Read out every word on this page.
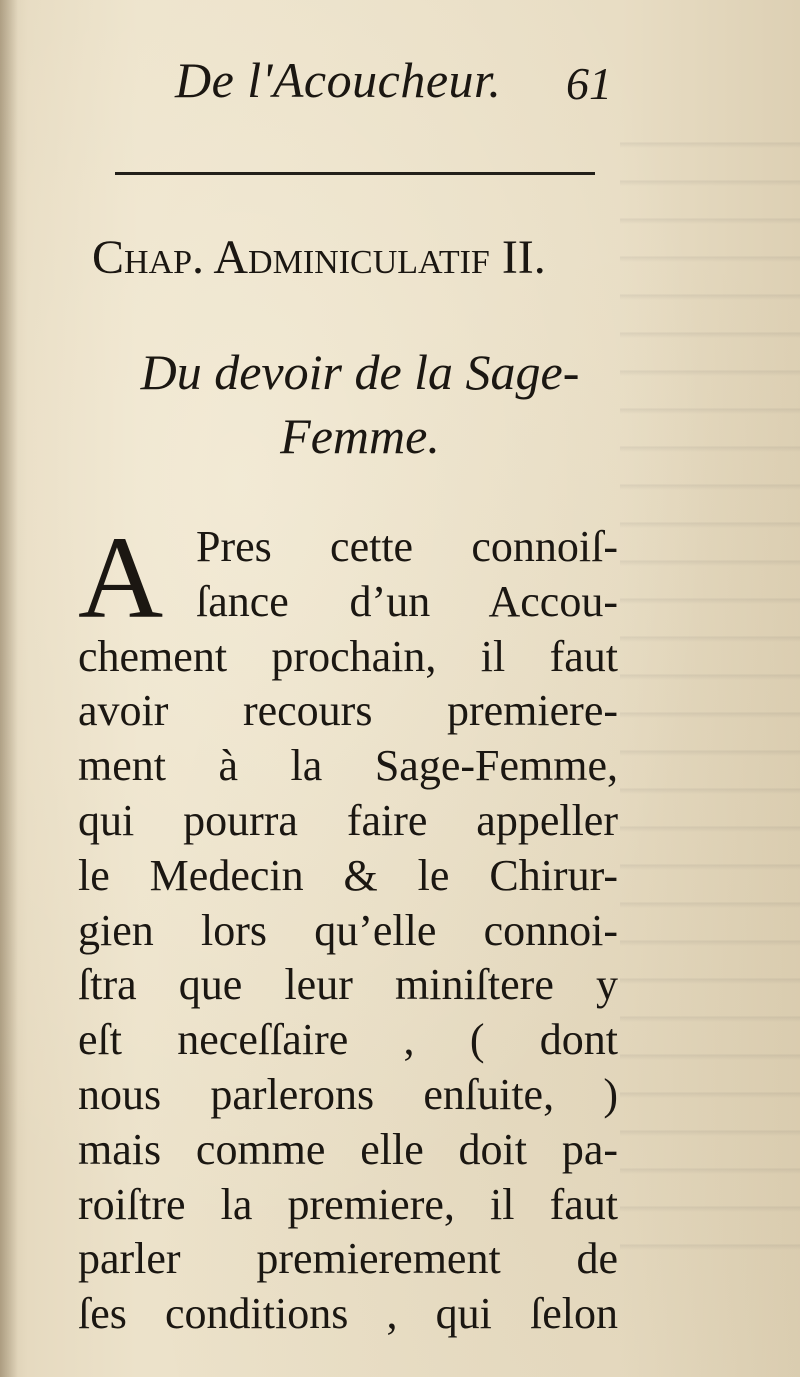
De l'Acoucheur. 61
Chap. Adminiculatif II.
Du devoir de la Sage-
Femme.
A Pres cette connoiſ-
ſance d’un Accou-
chement prochain, il faut
avoir recours premiere-
ment à la Sage-Femme,
qui pourra faire appeller
le Medecin & le Chirur-
gien lors qu’elle connoi-
ſtra que leur miniſtere y
eſt neceſſaire , ( dont
nous parlerons enſuite, )
mais comme elle doit pa-
roiſtre la premiere, il faut
parler premierement de
ſes conditions , qui ſelon
